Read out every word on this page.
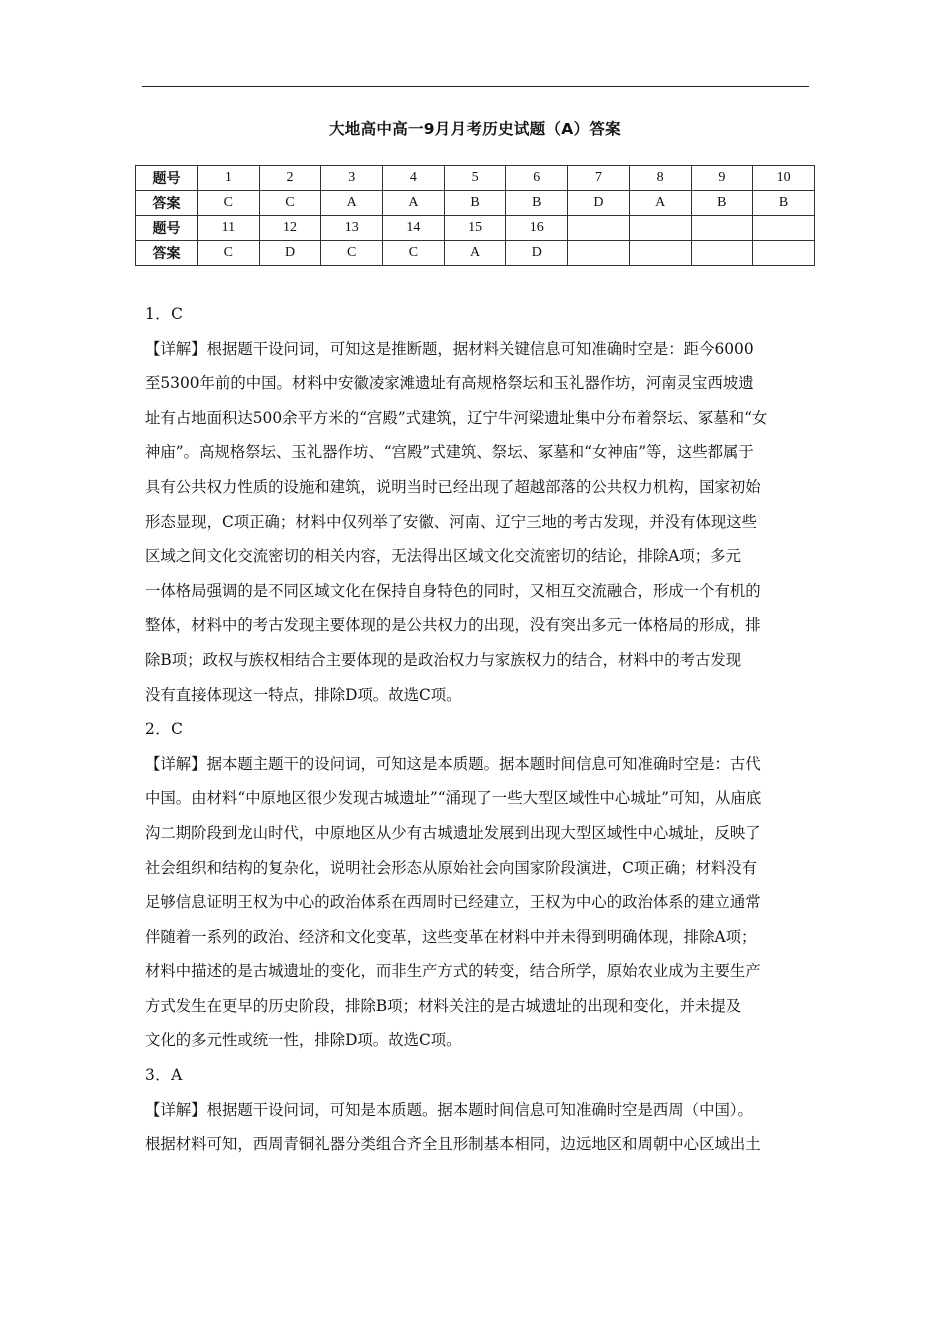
大地高中高一9月月考历史试题（A）答案
题号	1	2	3	4	5	6	7	8	9	10
答案	C	C	A	A	B	B	D	A	B	B
题号	11	12	13	14	15	16				
答案	C	D	C	C	A	D				

1．C

【详解】根据题干设问词，可知这是推断题，据材料关键信息可知准确时空是：距今6000
至5300年前的中国。材料中安徽凌家滩遗址有高规格祭坛和玉礼器作坊，河南灵宝西坡遗
址有占地面积达500余平方米的“宫殿”式建筑，辽宁牛河梁遗址集中分布着祭坛、冢墓和“女
神庙”。高规格祭坛、玉礼器作坊、“宫殿”式建筑、祭坛、冢墓和“女神庙”等，这些都属于
具有公共权力性质的设施和建筑，说明当时已经出现了超越部落的公共权力机构，国家初始
形态显现，C项正确；材料中仅列举了安徽、河南、辽宁三地的考古发现，并没有体现这些
区域之间文化交流密切的相关内容，无法得出区域文化交流密切的结论，排除A项；多元
一体格局强调的是不同区域文化在保持自身特色的同时，又相互交流融合，形成一个有机的
整体，材料中的考古发现主要体现的是公共权力的出现，没有突出多元一体格局的形成，排
除B项；政权与族权相结合主要体现的是政治权力与家族权力的结合，材料中的考古发现
没有直接体现这一特点，排除D项。故选C项。

2．C

【详解】据本题主题干的设问词，可知这是本质题。据本题时间信息可知准确时空是：古代
中国。由材料“中原地区很少发现古城遗址”“涌现了一些大型区域性中心城址”可知，从庙底
沟二期阶段到龙山时代，中原地区从少有古城遗址发展到出现大型区域性中心城址，反映了
社会组织和结构的复杂化，说明社会形态从原始社会向国家阶段演进，C项正确；材料没有
足够信息证明王权为中心的政治体系在西周时已经建立，王权为中心的政治体系的建立通常
伴随着一系列的政治、经济和文化变革，这些变革在材料中并未得到明确体现，排除A项；
材料中描述的是古城遗址的变化，而非生产方式的转变，结合所学，原始农业成为主要生产
方式发生在更早的历史阶段，排除B项；材料关注的是古城遗址的出现和变化，并未提及
文化的多元性或统一性，排除D项。故选C项。

3．A

【详解】根据题干设问词，可知是本质题。据本题时间信息可知准确时空是西周（中国）。
根据材料可知，西周青铜礼器分类组合齐全且形制基本相同，边远地区和周朝中心区域出土
